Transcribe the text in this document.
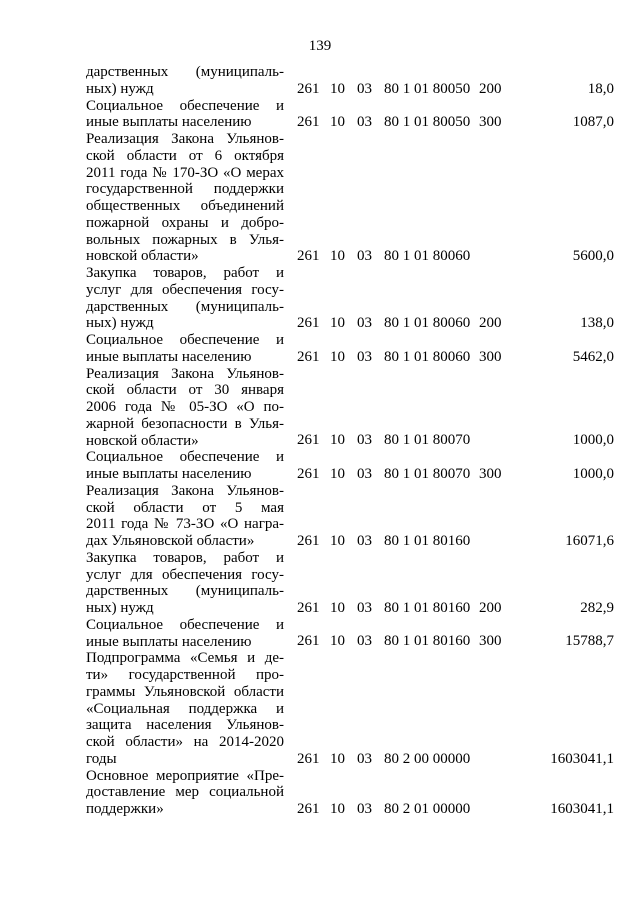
139
дарственных (муниципаль-
ных) нужд	261 10 03 80 1 01 80050 200	18,0
Социальное обеспечение и
иные выплаты населению	261 10 03 80 1 01 80050 300	1087,0
Реализация Закона Ульянов-
ской области от 6 октября
2011 года № 170-ЗО «О мерах
государственной поддержки
общественных объединений
пожарной охраны и добро-
вольных пожарных в Улья-
новской области»	261 10 03 80 1 01 80060	5600,0
Закупка товаров, работ и
услуг для обеспечения госу-
дарственных (муниципаль-
ных) нужд	261 10 03 80 1 01 80060 200	138,0
Социальное обеспечение и
иные выплаты населению	261 10 03 80 1 01 80060 300	5462,0
Реализация Закона Ульянов-
ской области от 30 января
2006 года № 05-ЗО «О по-
жарной безопасности в Улья-
новской области»	261 10 03 80 1 01 80070	1000,0
Социальное обеспечение и
иные выплаты населению	261 10 03 80 1 01 80070 300	1000,0
Реализация Закона Ульянов-
ской области от 5 мая
2011 года № 73-ЗО «О награ-
дах Ульяновской области»	261 10 03 80 1 01 80160	16071,6
Закупка товаров, работ и
услуг для обеспечения госу-
дарственных (муниципаль-
ных) нужд	261 10 03 80 1 01 80160 200	282,9
Социальное обеспечение и
иные выплаты населению	261 10 03 80 1 01 80160 300	15788,7
Подпрограмма «Семья и де-
ти» государственной про-
граммы Ульяновской области
«Социальная поддержка и
защита населения Ульянов-
ской области» на 2014-2020
годы	261 10 03 80 2 00 00000	1603041,1
Основное мероприятие «Пре-
доставление мер социальной
поддержки»	261 10 03 80 2 01 00000	1603041,1
